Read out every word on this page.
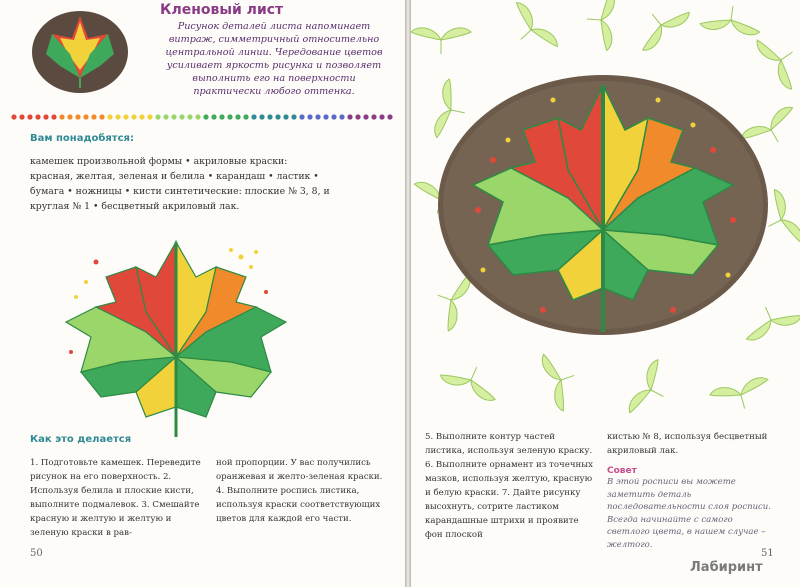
Кленовый лист
Рисунок деталей листа напоминает витраж, симметричный относительно центральной линии. Чередование цветов усиливает яркость рисунка и позволяет выполнить его на поверхности практически любого оттенка.
Вам понадобятся:
камешек произвольной формы • акриловые краски: красная, желтая, зеленая и белила • карандаш • ластик • бумага • ножницы • кисти синтетические: плоские № 3, 8, и круглая № 1 • бесцветный акриловый лак.
Как это делается
1. Подготовьте камешек. Переведите рисунок на его поверхность. 2. Используя белила и плоские кисти, выполните подмалевок. 3. Смешайте красную и желтую и желтую и зеленую краски в рав-
ной пропорции. У вас получились оранжевая и желто-зеленая краски. 4. Выполните роспись листика, используя краски соответствующих цветов для каждой его части.
50
5. Выполните контур частей листика, используя зеленую краску. 6. Выполните орнамент из точечных мазков, используя желтую, красную и белую краски. 7. Дайте рисунку высохнуть, сотрите ластиком карандашные штрихи и проявите фон плоской
кистью № 8, используя бесцветный акриловый лак.
51
Совет
В этой росписи вы можете заметить деталь последовательности слоя росписи. Всегда начинайте с самого светлого цвета, в нашем случае – желтого.
Лабиринт
